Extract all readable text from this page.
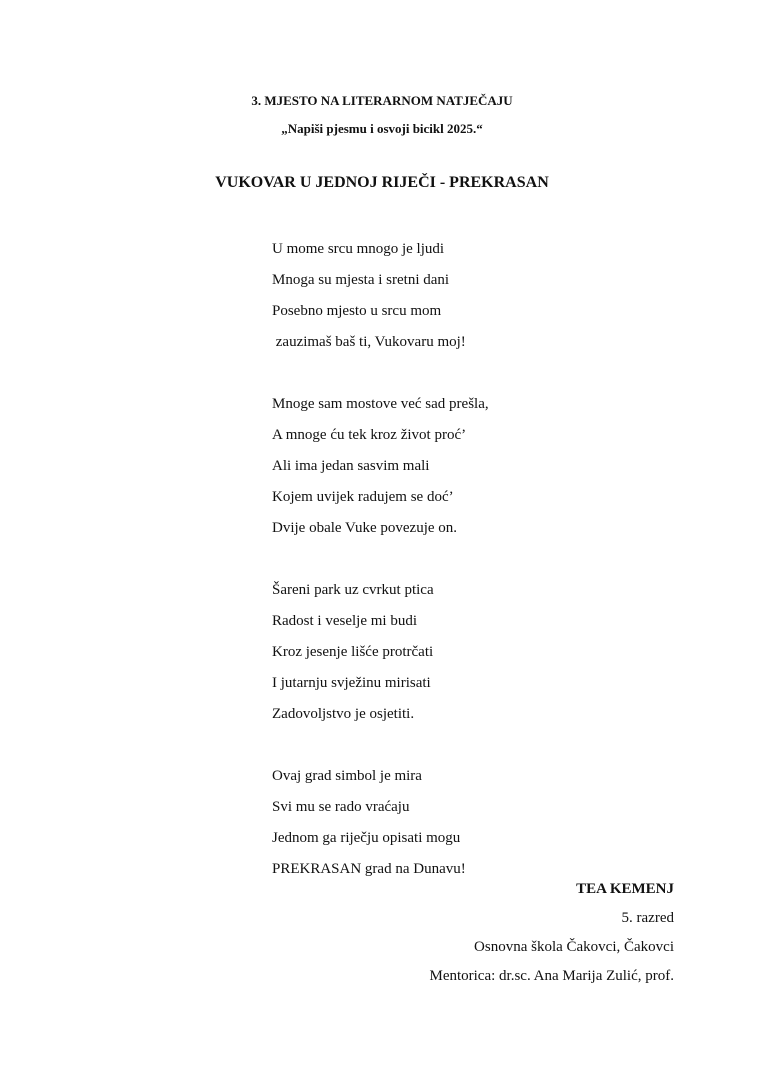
3. MJESTO NA LITERARNOM NATJEČAJU
„Napiši pjesmu i osvoji bicikl 2025.“
VUKOVAR U JEDNOJ RIJEČI - PREKRASAN
U mome srcu mnogo je ljudi
Mnoga su mjesta i sretni dani
Posebno mjesto u srcu mom
zauzimaš baš ti, Vukovaru moj!
Mnoge sam mostove već sad prešla,
A mnoge ću tek kroz život proć’
Ali ima jedan sasvim mali
Kojem uvijek radujem se doć’
Dvije obale Vuke povezuje on.
Šareni park uz cvrkut ptica
Radost i veselje mi budi
Kroz jesenje lišće protrčati
I jutarnju svježinu mirisati
Zadovoljstvo je osjetiti.
Ovaj grad simbol je mira
Svi mu se rado vraćaju
Jednom ga riječju opisati mogu
PREKRASAN grad na Dunavu!
TEA KEMENJ
5. razred
Osnovna škola Čakovci, Čakovci
Mentorica: dr.sc. Ana Marija Zulić, prof.
